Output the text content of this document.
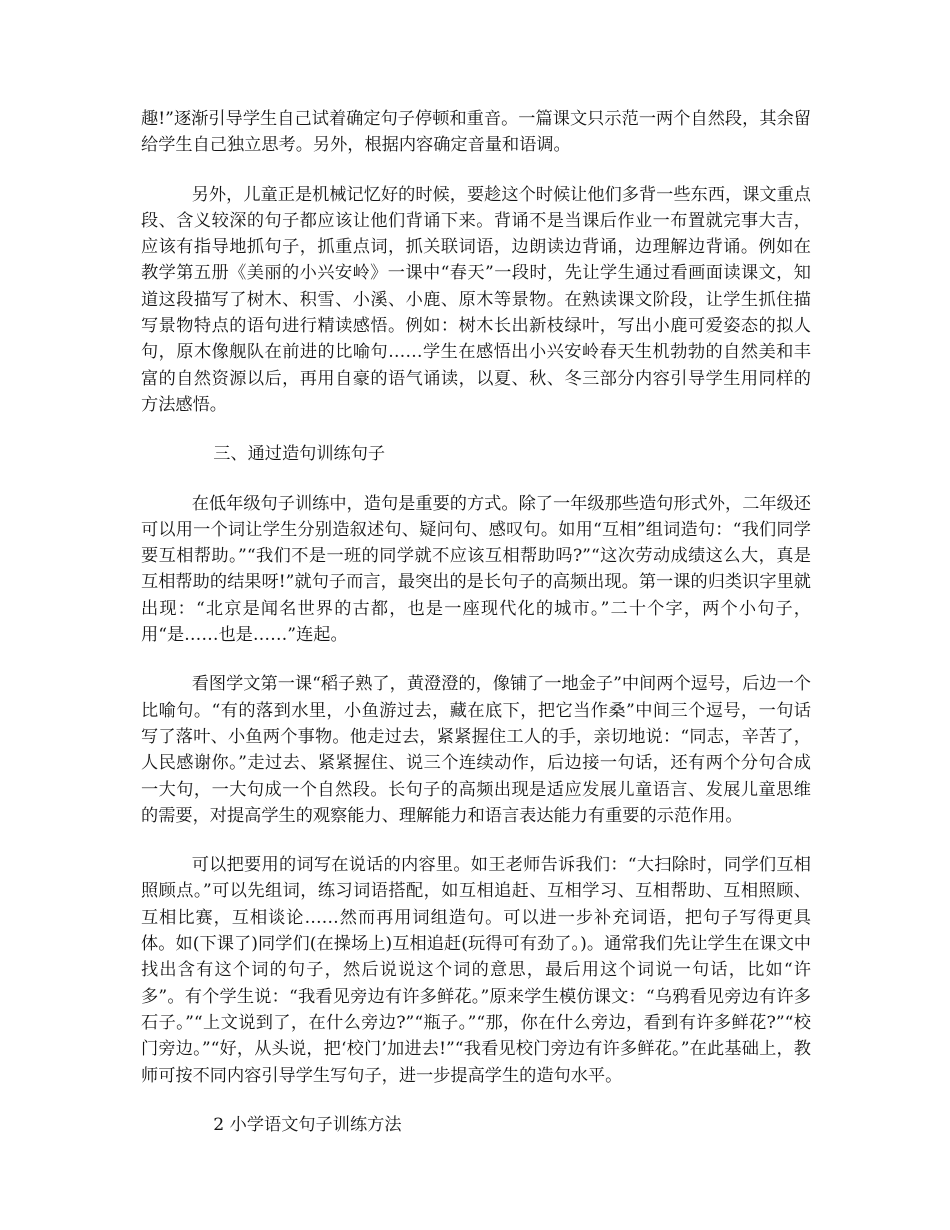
趣!”逐渐引导学生自己试着确定句子停顿和重音。一篇课文只示范一两个自然段，其余留给学生自己独立思考。另外，根据内容确定音量和语调。

另外，儿童正是机械记忆好的时候，要趁这个时候让他们多背一些东西，课文重点段、含义较深的句子都应该让他们背诵下来。背诵不是当课后作业一布置就完事大吉，应该有指导地抓句子，抓重点词，抓关联词语，边朗读边背诵，边理解边背诵。例如在教学第五册《美丽的小兴安岭》一课中“春天”一段时，先让学生通过看画面读课文，知道这段描写了树木、积雪、小溪、小鹿、原木等景物。在熟读课文阶段，让学生抓住描写景物特点的语句进行精读感悟。例如：树木长出新枝绿叶，写出小鹿可爱姿态的拟人句，原木像舰队在前进的比喻句……学生在感悟出小兴安岭春天生机勃勃的自然美和丰富的自然资源以后，再用自豪的语气诵读，以夏、秋、冬三部分内容引导学生用同样的方法感悟。

三、通过造句训练句子

在低年级句子训练中，造句是重要的方式。除了一年级那些造句形式外，二年级还可以用一个词让学生分别造叙述句、疑问句、感叹句。如用“互相”组词造句：“我们同学要互相帮助。”“我们不是一班的同学就不应该互相帮助吗?”“这次劳动成绩这么大，真是互相帮助的结果呀!”就句子而言，最突出的是长句子的高频出现。第一课的归类识字里就出现：“北京是闻名世界的古都，也是一座现代化的城市。”二十个字，两个小句子，用“是……也是……”连起。

看图学文第一课“稻子熟了，黄澄澄的，像铺了一地金子”中间两个逗号，后边一个比喻句。“有的落到水里，小鱼游过去，藏在底下，把它当作桑”中间三个逗号，一句话写了落叶、小鱼两个事物。他走过去，紧紧握住工人的手，亲切地说：“同志，辛苦了，人民感谢你。”走过去、紧紧握住、说三个连续动作，后边接一句话，还有两个分句合成一大句，一大句成一个自然段。长句子的高频出现是适应发展儿童语言、发展儿童思维的需要，对提高学生的观察能力、理解能力和语言表达能力有重要的示范作用。

可以把要用的词写在说话的内容里。如王老师告诉我们：“大扫除时，同学们互相照顾点。”可以先组词，练习词语搭配，如互相追赶、互相学习、互相帮助、互相照顾、互相比赛，互相谈论……然而再用词组造句。可以进一步补充词语，把句子写得更具体。如(下课了)同学们(在操场上)互相追赶(玩得可有劲了。)。通常我们先让学生在课文中找出含有这个词的句子，然后说说这个词的意思，最后用这个词说一句话，比如“许多”。有个学生说：“我看见旁边有许多鲜花。”原来学生模仿课文：“乌鸦看见旁边有许多石子。”“上文说到了，在什么旁边?”“瓶子。”“那，你在什么旁边，看到有许多鲜花?”“校门旁边。”“好，从头说，把‘校门’加进去!”“我看见校门旁边有许多鲜花。”在此基础上，教师可按不同内容引导学生写句子，进一步提高学生的造句水平。

2 小学语文句子训练方法
